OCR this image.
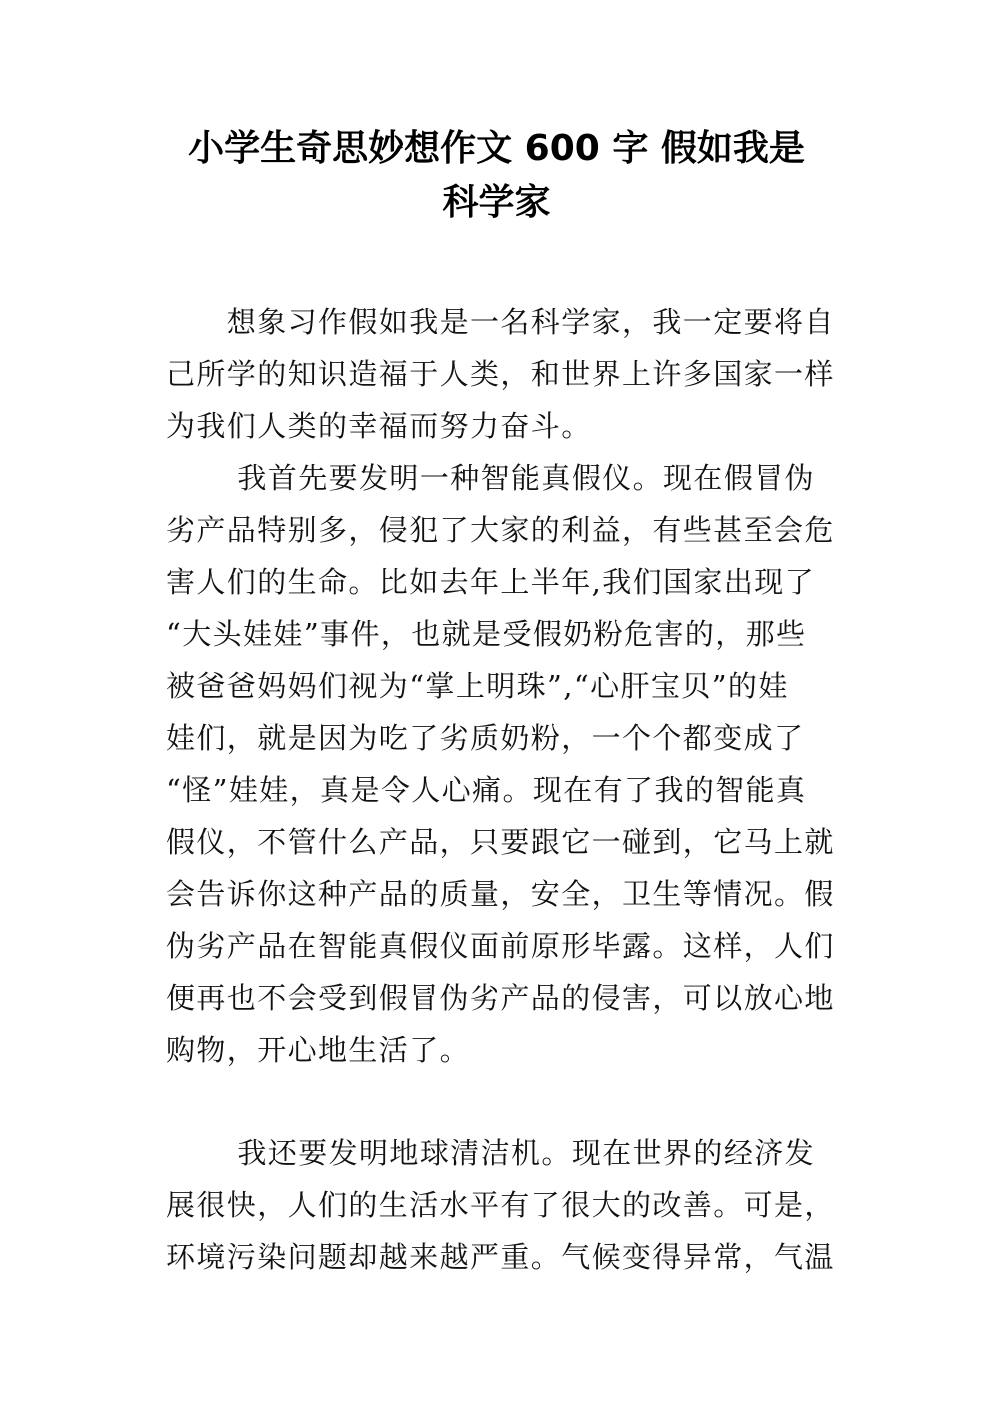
小学生奇思妙想作文 600 字 假如我是
科学家
　　想象习作假如我是一名科学家，我一定要将自
己所学的知识造福于人类，和世界上许多国家一样
为我们人类的幸福而努力奋斗。
　　 我首先要发明一种智能真假仪。现在假冒伪
劣产品特别多，侵犯了大家的利益，有些甚至会危
害人们的生命。比如去年上半年,我们国家出现了
“大头娃娃”事件，也就是受假奶粉危害的，那些
被爸爸妈妈们视为“掌上明珠”,“心肝宝贝”的娃
娃们，就是因为吃了劣质奶粉，一个个都变成了
“怪”娃娃，真是令人心痛。现在有了我的智能真
假仪，不管什么产品，只要跟它一碰到，它马上就
会告诉你这种产品的质量，安全，卫生等情况。假
伪劣产品在智能真假仪面前原形毕露。这样，人们
便再也不会受到假冒伪劣产品的侵害，可以放心地
购物，开心地生活了。
　　 我还要发明地球清洁机。现在世界的经济发
展很快，人们的生活水平有了很大的改善。可是，
环境污染问题却越来越严重。气候变得异常，气温
